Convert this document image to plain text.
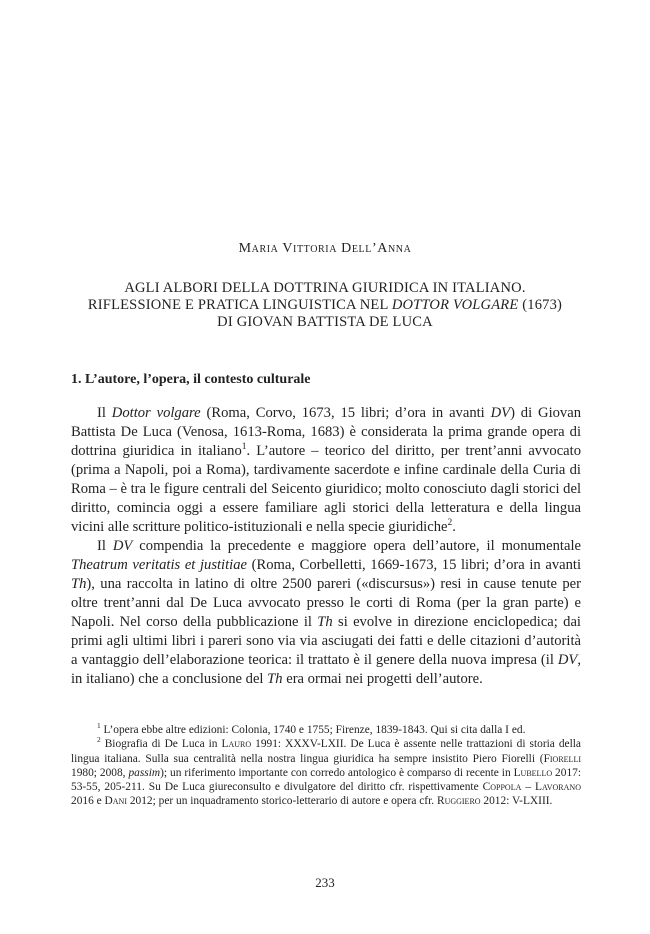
Maria Vittoria Dell’Anna
AGLI ALBORI DELLA DOTTRINA GIURIDICA IN ITALIANO.
RIFLESSIONE E PRATICA LINGUISTICA NEL DOTTOR VOLGARE (1673)
DI GIOVAN BATTISTA DE LUCA
1. L’autore, l’opera, il contesto culturale

Il Dottor volgare (Roma, Corvo, 1673, 15 libri; d’ora in avanti DV) di Giovan Battista De Luca (Venosa, 1613-Roma, 1683) è considerata la prima grande opera di dottrina giuridica in italiano$^1$. L’autore – teorico del diritto, per trent’anni avvocato (prima a Napoli, poi a Roma), tardivamente sacerdote e infine cardinale della Curia di Roma – è tra le figure centrali del Seicento giuridico; molto conosciuto dagli storici del diritto, comincia oggi a essere familiare agli storici della letteratura e della lingua vicini alle scritture politico-istituzionali e nella specie giuridiche$^2$.

Il DV compendia la precedente e maggiore opera dell’autore, il monumentale Theatrum veritatis et justitiae (Roma, Corbelletti, 1669-1673, 15 libri; d’ora in avanti Th), una raccolta in latino di oltre 2500 pareri («discursus») resi in cause tenute per oltre trent’anni dal De Luca avvocato presso le corti di Roma (per la gran parte) e Napoli. Nel corso della pubblicazione il Th si evolve in direzione enciclopedica; dai primi agli ultimi libri i pareri sono via via asciugati dei fatti e delle citazioni d’autorità a vantaggio dell’elaborazione teorica: il trattato è il genere della nuova impresa (il DV, in italiano) che a conclusione del Th era ormai nei progetti dell’autore.

$^1$ L’opera ebbe altre edizioni: Colonia, 1740 e 1755; Firenze, 1839-1843. Qui si cita dalla I ed.

$^2$ Biografia di De Luca in Lauro 1991: XXXV-LXII. De Luca è assente nelle trattazioni di storia della lingua italiana. Sulla sua centralità nella nostra lingua giuridica ha sempre insistito Piero Fiorelli (Fiorelli 1980; 2008, passim); un riferimento importante con corredo antologico è comparso di recente in Lubello 2017: 53-55, 205-211. Su De Luca giureconsulto e divulgatore del diritto cfr. rispettivamente Coppola – Lavorano 2016 e Dani 2012; per un inquadramento storico-letterario di autore e opera cfr. Ruggiero 2012: V-LXIII.

233
